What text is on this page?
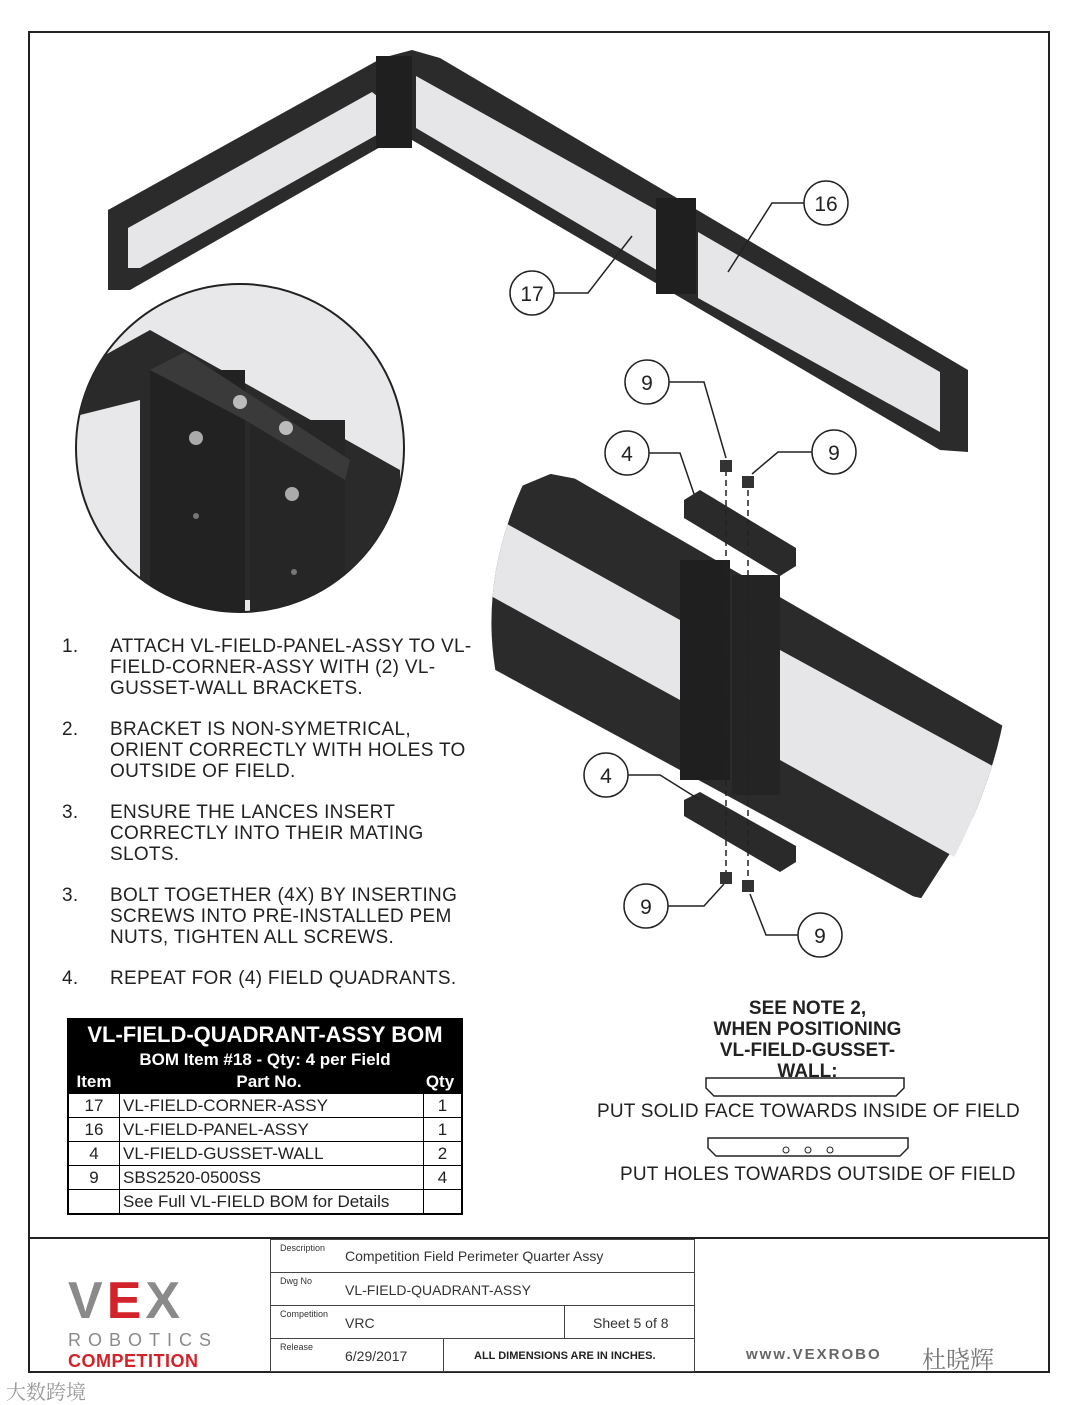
16
17
9
9
4
4
9
9
1. ATTACH VL-FIELD-PANEL-ASSY TO VL-FIELD-CORNER-ASSY WITH (2) VL-GUSSET-WALL BRACKETS.
2. BRACKET IS NON-SYMETRICAL, ORIENT CORRECTLY WITH HOLES TO OUTSIDE OF FIELD.
3. ENSURE THE LANCES INSERT CORRECTLY INTO THEIR MATING SLOTS.
3. BOLT TOGETHER (4X) BY INSERTING SCREWS INTO PRE-INSTALLED PEM NUTS, TIGHTEN ALL SCREWS.
4. REPEAT FOR (4) FIELD QUADRANTS.
VL-FIELD-QUADRANT-ASSY BOM
BOM Item #18 - Qty: 4 per Field
Item	Part No.	Qty
17	VL-FIELD-CORNER-ASSY	1
16	VL-FIELD-PANEL-ASSY	1
4	VL-FIELD-GUSSET-WALL	2
9	SBS2520-0500SS	4
See Full VL-FIELD BOM for Details
SEE NOTE 2,
WHEN POSITIONING
VL-FIELD-GUSSET-WALL:
PUT SOLID FACE TOWARDS INSIDE OF FIELD
PUT HOLES TOWARDS OUTSIDE OF FIELD
Description Competition Field Perimeter Quarter Assy
Dwg No
VL-FIELD-QUADRANT-ASSY
Competition
VRC	Sheet 5 of 8
Release
6/29/2017	ALL DIMENSIONS ARE IN INCHES.
VEX
ROBOTICS
COMPETITION	www.VEXROBO 杜晓辉
大数跨境
